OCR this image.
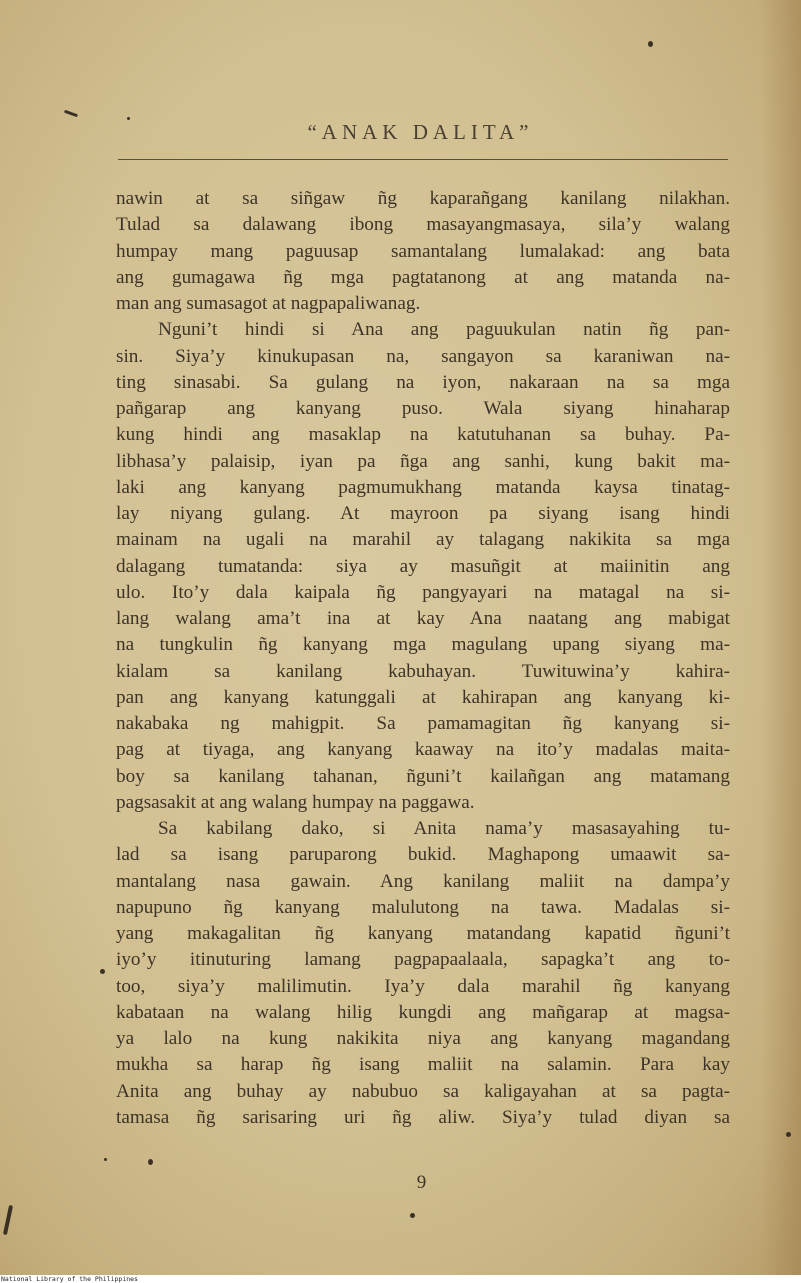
“ANAK DALITA”
nawin at sa siñgaw ñg kaparañgang kanilang nilakhan.
Tulad sa dalawang ibong masayangmasaya, sila’y walang
humpay mang paguusap samantalang lumalakad: ang bata
ang gumagawa ñg mga pagtatanong at ang matanda na-
man ang sumasagot at nagpapaliwanag.
Nguni’t hindi si Ana ang paguukulan natin ñg pan-
sin. Siya’y kinukupasan na, sangayon sa karaniwan na-
ting sinasabi. Sa gulang na iyon, nakaraan na sa mga
pañgarap ang kanyang puso. Wala siyang hinaharap
kung hindi ang masaklap na katutuhanan sa buhay. Pa-
libhasa’y palaisip, iyan pa ñga ang sanhi, kung bakit ma-
laki ang kanyang pagmumukhang matanda kaysa tinatag-
lay niyang gulang. At mayroon pa siyang isang hindi
mainam na ugali na marahil ay talagang nakikita sa mga
dalagang tumatanda: siya ay masuñgit at maiinitin ang
ulo. Ito’y dala kaipala ñg pangyayari na matagal na si-
lang walang ama’t ina at kay Ana naatang ang mabigat
na tungkulin ñg kanyang mga magulang upang siyang ma-
kialam sa kanilang kabuhayan. Tuwituwina’y kahira-
pan ang kanyang katunggali at kahirapan ang kanyang ki-
nakabaka ng mahigpit. Sa pamamagitan ñg kanyang si-
pag at tiyaga, ang kanyang kaaway na ito’y madalas maita-
boy sa kanilang tahanan, ñguni’t kailañgan ang matamang
pagsasakit at ang walang humpay na paggawa.
Sa kabilang dako, si Anita nama’y masasayahing tu-
lad sa isang paruparong bukid. Maghapong umaawit sa-
mantalang nasa gawain. Ang kanilang maliit na dampa’y
napupuno ñg kanyang malulutong na tawa. Madalas si-
yang makagalitan ñg kanyang matandang kapatid ñguni’t
iyo’y itinuturing lamang pagpapaalaala, sapagka’t ang to-
too, siya’y malilimutin. Iya’y dala marahil ñg kanyang
kabataan na walang hilig kungdi ang mañgarap at magsa-
ya lalo na kung nakikita niya ang kanyang magandang
mukha sa harap ñg isang maliit na salamin. Para kay
Anita ang buhay ay nabubuo sa kaligayahan at sa pagta-
tamasa ñg sarisaring uri ñg aliw. Siya’y tulad diyan sa
9
National Library of the Philippines
